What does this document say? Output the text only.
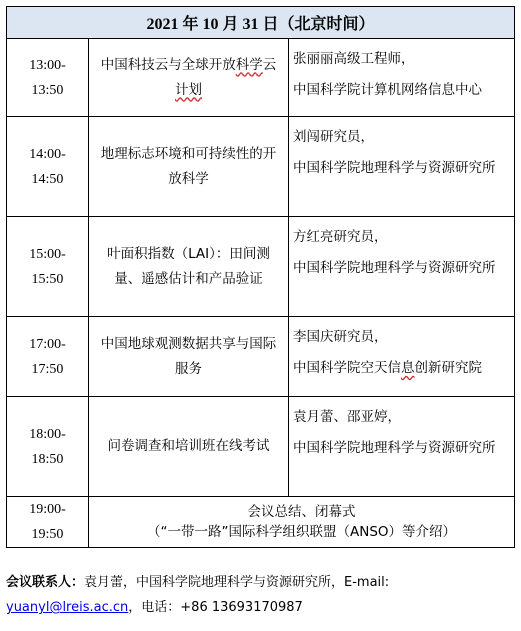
2021 年 10 月 31 日（北京时间）		
13:00-
13:50	中国科技云与全球开放科学云计划	张丽丽高级工程师，
中国科学院计算机网络信息中心

14:00-
14:50	地理标志环境和可持续性的开放科学	刘闯研究员，
中国科学院地理科学与资源研究所

15:00-
15:50	叶面积指数（LAI）：田间测量、遥感估计和产品验证	方红亮研究员，
中国科学院地理科学与资源研究所

17:00-
17:50	中国地球观测数据共享与国际服务	李国庆研究员，
中国科学院空天信息创新研究院

18:00-
18:50	问卷调查和培训班在线考试	袁月蕾、邵亚婷，
中国科学院地理科学与资源研究所

19:00-
19:50	会议总结、闭幕式
（“一带一路”国际科学组织联盟（ANSO）等介绍）	
会议联系人：袁月蕾，中国科学院地理科学与资源研究所，E-mail:
yuanyl@lreis.ac.cn，电话：+86 13693170987
